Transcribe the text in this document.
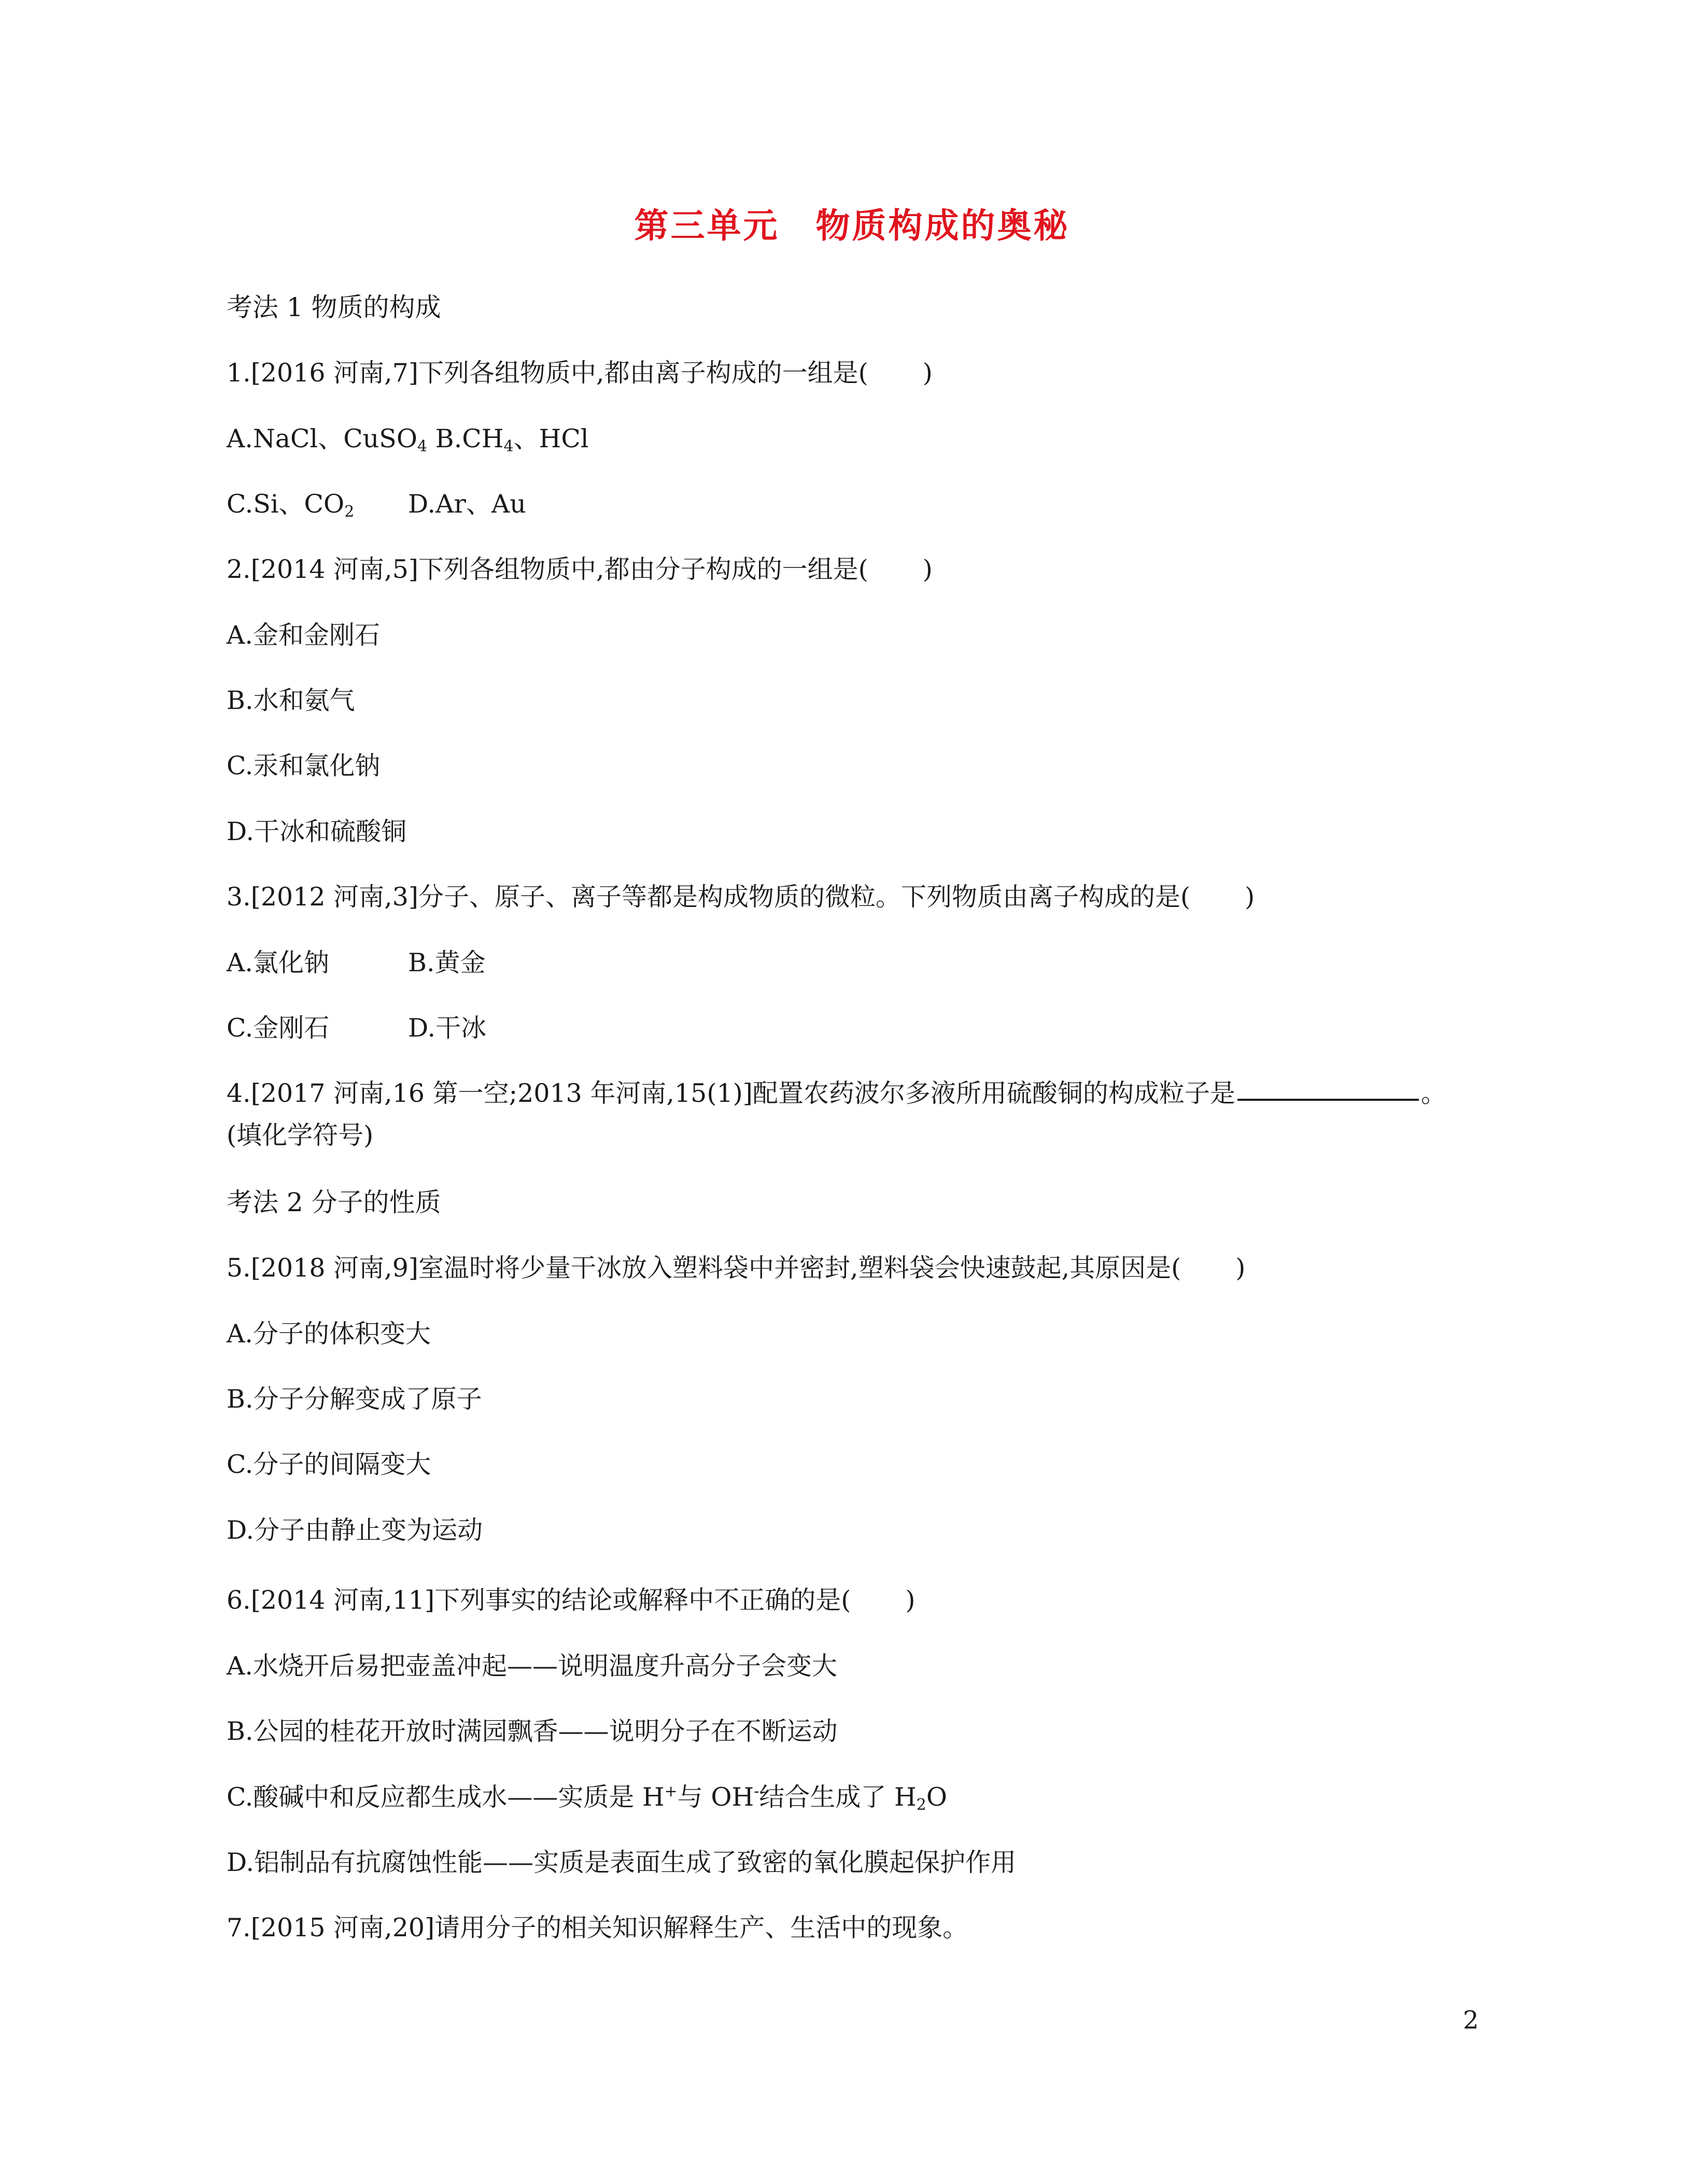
第三单元 物质构成的奥秘
考法 1 物质的构成
1.[2016 河南,7]下列各组物质中,都由离子构成的一组是( )
A.NaCl、CuSO$_4$ $B.CH_4$、HCl
C.Si、$CO_2$ D.Ar、Au
2.[2014 河南,5]下列各组物质中,都由分子构成的一组是( )
A.金和金刚石
B.水和氨气
C.汞和氯化钠
D.干冰和硫酸铜
3.[2012 河南,3]分子、原子、离子等都是构成物质的微粒。下列物质由离子构成的是( )
A.氯化钠	B.黄金
C.金刚石	D.干冰
4.[2017 河南,16 第一空;2013 年河南,15(1)]配置农药波尔多液所用硫酸铜的构成粒子是	。
(填化学符号)
考法 2 分子的性质
5.[2018 河南,9]室温时将少量干冰放入塑料袋中并密封,塑料袋会快速鼓起,其原因是( )
A.分子的体积变大
B.分子分解变成了原子
C.分子的间隔变大
D.分子由静止变为运动
6.[2014 河南,11]下列事实的结论或解释中不正确的是( )
A.水烧开后易把壶盖冲起——说明温度升高分子会变大
B.公园的桂花开放时满园飘香——说明分子在不断运动
C.酸碱中和反应都生成水——实质是 H+与 OH-结合生成了 $H_2O$
D.铝制品有抗腐蚀性能——实质是表面生成了致密的氧化膜起保护作用
7.[2015 河南,20]请用分子的相关知识解释生产、生活中的现象。
2
